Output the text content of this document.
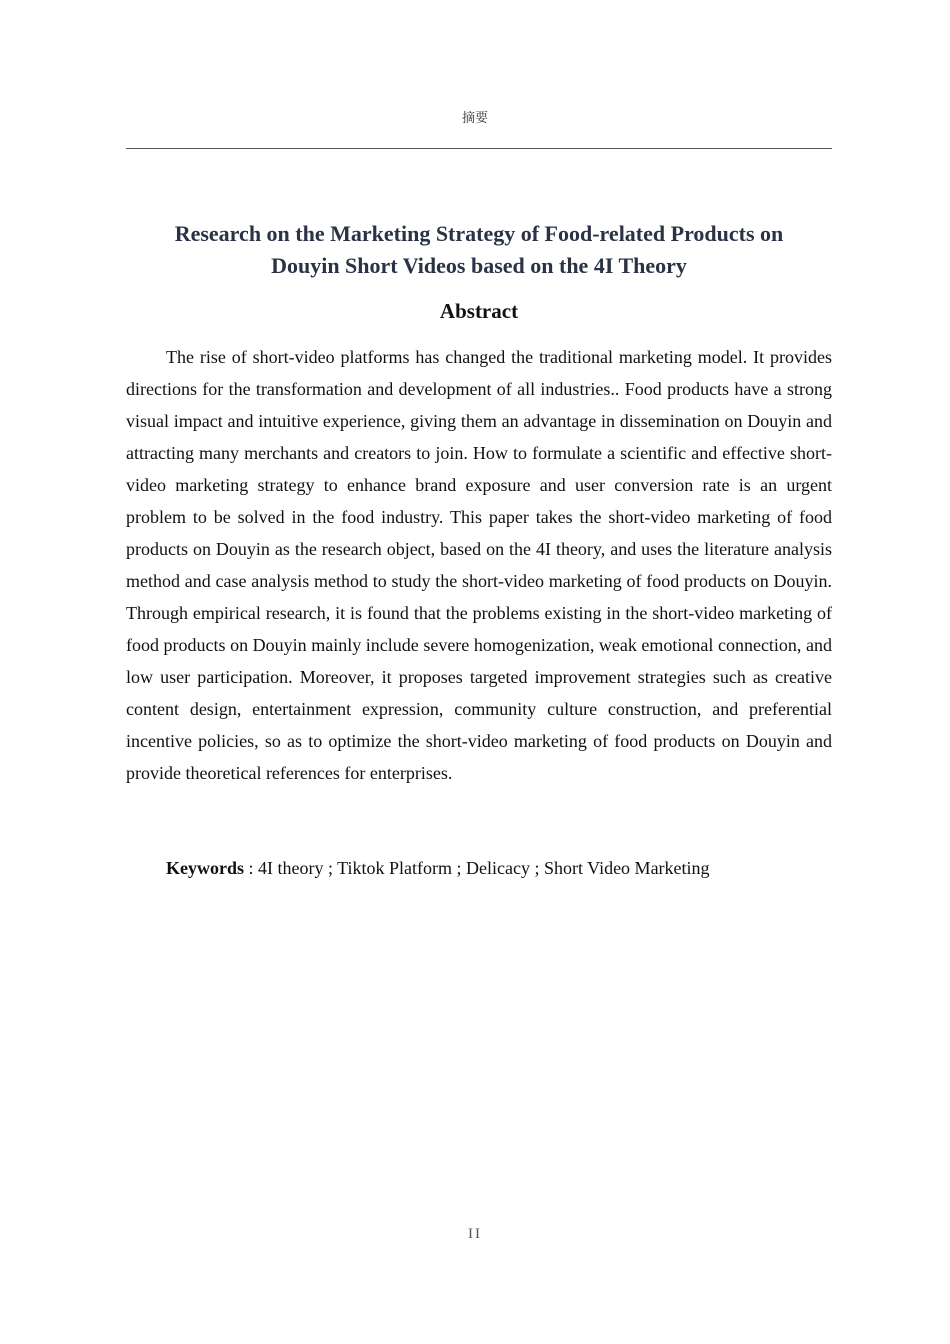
摘要
Research on the Marketing Strategy of Food-related Products on
Douyin Short Videos based on the 4I Theory
Abstract

The rise of short-video platforms has changed the traditional marketing model. It provides directions for the transformation and development of all industries.. Food products have a strong visual impact and intuitive experience, giving them an advantage in dissemination on Douyin and attracting many merchants and creators to join. How to formulate a scientific and effective short-video marketing strategy to enhance brand exposure and user conversion rate is an urgent problem to be solved in the food industry. This paper takes the short-video marketing of food products on Douyin as the research object, based on the 4I theory, and uses the literature analysis method and case analysis method to study the short-video marketing of food products on Douyin. Through empirical research, it is found that the problems existing in the short-video marketing of food products on Douyin mainly include severe homogenization, weak emotional connection, and low user participation. Moreover, it proposes targeted improvement strategies such as creative content design, entertainment expression, community culture construction, and preferential incentive policies, so as to optimize the short-video marketing of food products on Douyin and provide theoretical references for enterprises.

Keywords : 4I theory ; Tiktok Platform ; Delicacy ; Short Video Marketing

II
